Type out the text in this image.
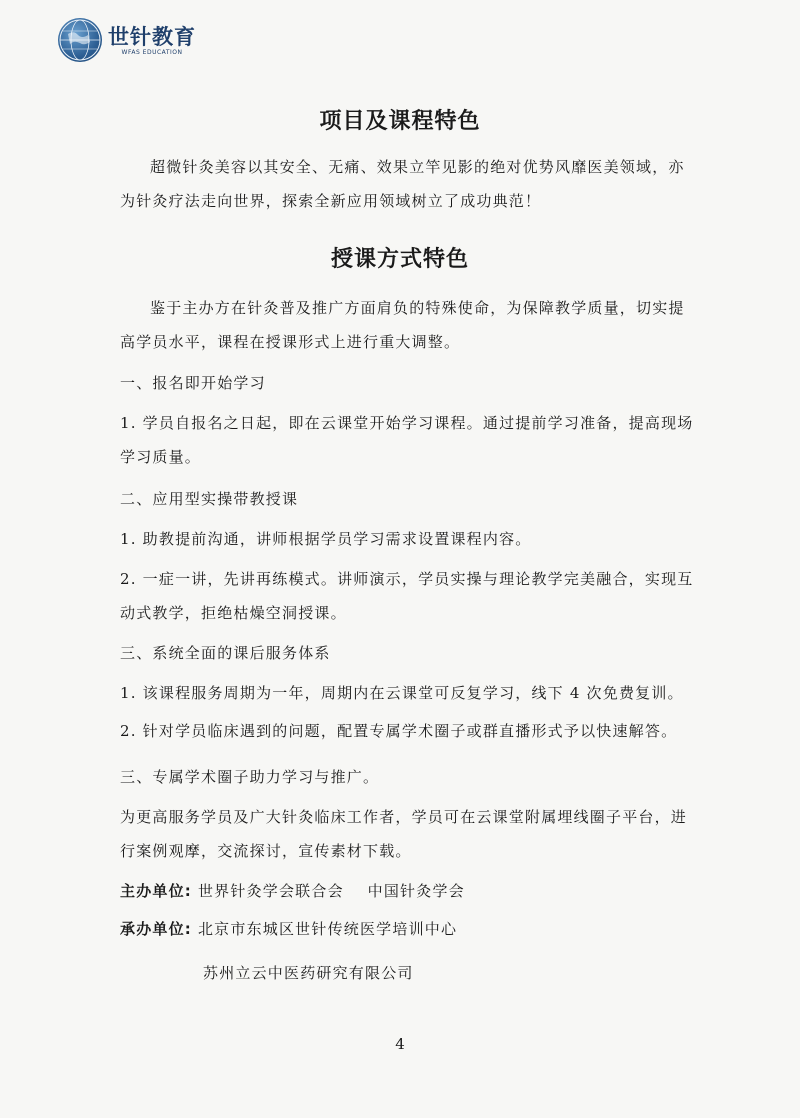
世针教育
WFAS EDUCATION
项目及课程特色

超微针灸美容以其安全、无痛、效果立竿见影的绝对优势风靡医美领域，亦为针灸疗法走向世界，探索全新应用领域树立了成功典范！

授课方式特色

鉴于主办方在针灸普及推广方面肩负的特殊使命，为保障教学质量，切实提高学员水平，课程在授课形式上进行重大调整。

一、报名即开始学习

1. 学员自报名之日起，即在云课堂开始学习课程。通过提前学习准备，提高现场学习质量。

二、应用型实操带教授课

1. 助教提前沟通，讲师根据学员学习需求设置课程内容。

2. 一症一讲，先讲再练模式。讲师演示，学员实操与理论教学完美融合，实现互动式教学，拒绝枯燥空洞授课。

三、系统全面的课后服务体系

1. 该课程服务周期为一年，周期内在云课堂可反复学习，线下 4 次免费复训。

2. 针对学员临床遇到的问题，配置专属学术圈子或群直播形式予以快速解答。

三、专属学术圈子助力学习与推广。

为更高服务学员及广大针灸临床工作者，学员可在云课堂附属埋线圈子平台，进行案例观摩，交流探讨，宣传素材下载。

主办单位: 世界针灸学会联合会    中国针灸学会

承办单位: 北京市东城区世针传统医学培训中心

苏州立云中医药研究有限公司

4
